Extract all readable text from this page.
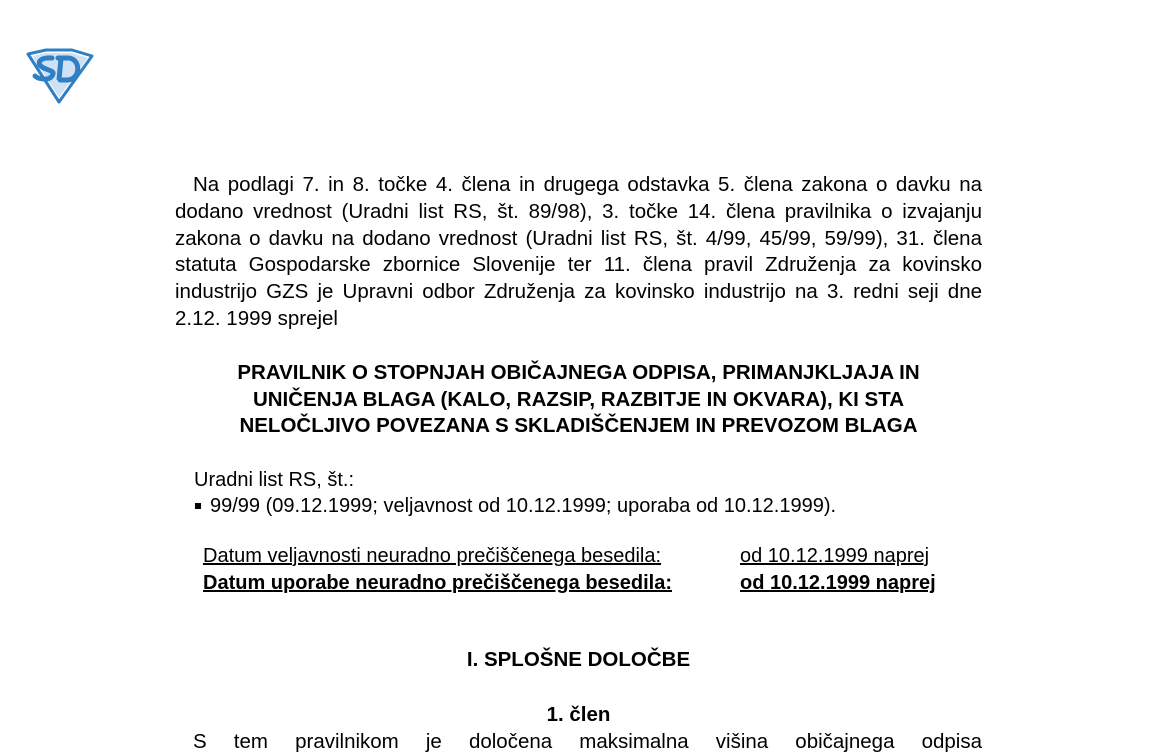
Na podlagi 7. in 8. točke 4. člena in drugega odstavka 5. člena zakona o davku na dodano vrednost (Uradni list RS, št. 89/98), 3. točke 14. člena pravilnika o izvajanju zakona o davku na dodano vrednost (Uradni list RS, št. 4/99, 45/99, 59/99), 31. člena statuta Gospodarske zbornice Slovenije ter 11. člena pravil Združenja za kovinsko industrijo GZS je Upravni odbor Združenja za kovinsko industrijo na 3. redni seji dne 2.12. 1999 sprejel

PRAVILNIK O STOPNJAH OBIČAJNEGA ODPISA, PRIMANJKLJAJA IN
UNIČENJA BLAGA (KALO, RAZSIP, RAZBITJE IN OKVARA), KI STA
NELOČLJIVO POVEZANA S SKLADIŠČENJEM IN PREVOZOM BLAGA
Uradni list RS, št.:
99/99 (09.12.1999; veljavnost od 10.12.1999; uporaba od 10.12.1999).
Datum veljavnosti neuradno prečiščenega besedila:	od 10.12.1999 naprej
Datum uporabe neuradno prečiščenega besedila:	od 10.12.1999 naprej
I. SPLOŠNE DOLOČBE
1. člen
S tem pravilnikom je določena maksimalna višina običajnega odpisa
